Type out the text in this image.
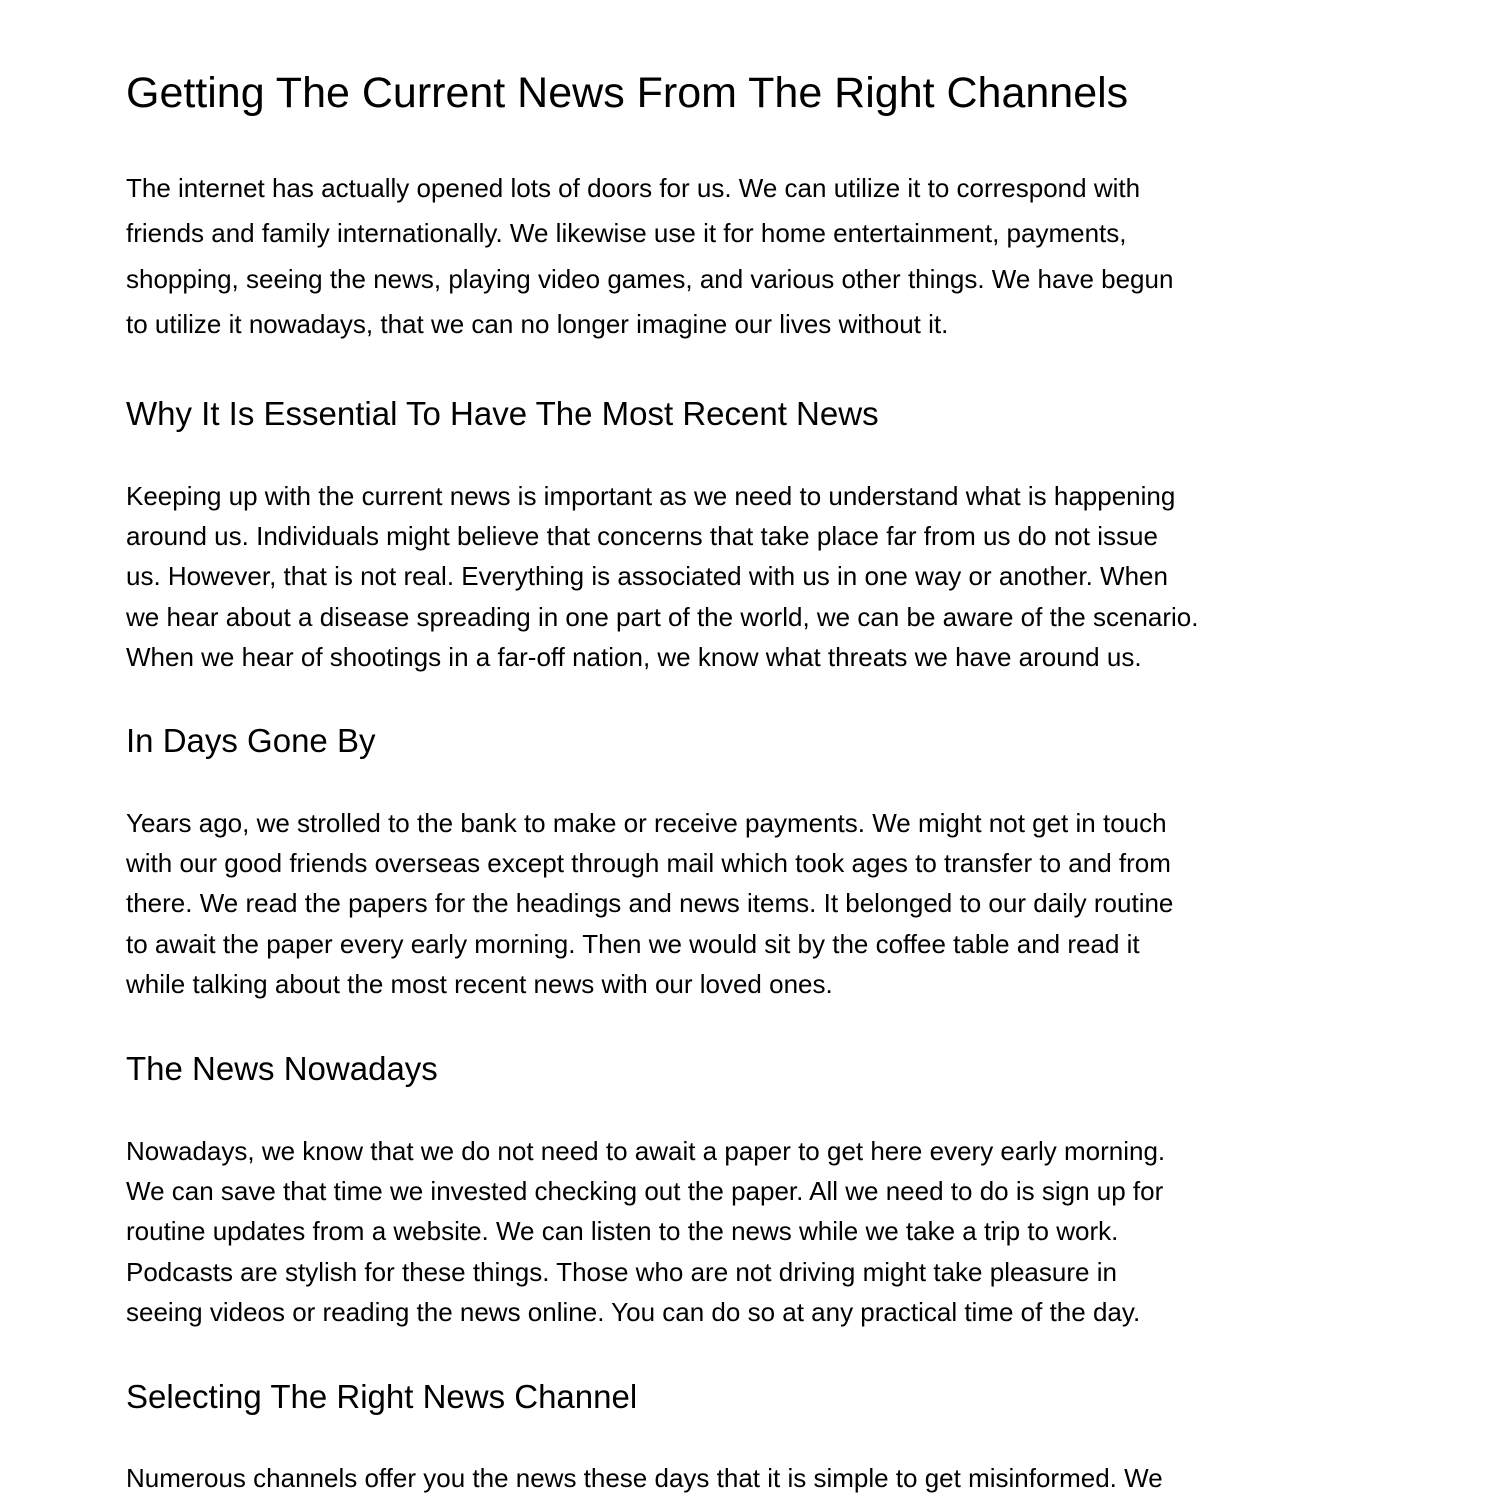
Getting The Current News From The Right Channels
The internet has actually opened lots of doors for us. We can utilize it to correspond with
friends and family internationally. We likewise use it for home entertainment, payments,
shopping, seeing the news, playing video games, and various other things. We have begun
to utilize it nowadays, that we can no longer imagine our lives without it.
Why It Is Essential To Have The Most Recent News
Keeping up with the current news is important as we need to understand what is happening
around us. Individuals might believe that concerns that take place far from us do not issue
us. However, that is not real. Everything is associated with us in one way or another. When
we hear about a disease spreading in one part of the world, we can be aware of the scenario.
When we hear of shootings in a far-off nation, we know what threats we have around us.
In Days Gone By
Years ago, we strolled to the bank to make or receive payments. We might not get in touch
with our good friends overseas except through mail which took ages to transfer to and from
there. We read the papers for the headings and news items. It belonged to our daily routine
to await the paper every early morning. Then we would sit by the coffee table and read it
while talking about the most recent news with our loved ones.
The News Nowadays
Nowadays, we know that we do not need to await a paper to get here every early morning.
We can save that time we invested checking out the paper. All we need to do is sign up for
routine updates from a website. We can listen to the news while we take a trip to work.
Podcasts are stylish for these things. Those who are not driving might take pleasure in
seeing videos or reading the news online. You can do so at any practical time of the day.
Selecting The Right News Channel
Numerous channels offer you the news these days that it is simple to get misinformed. We
